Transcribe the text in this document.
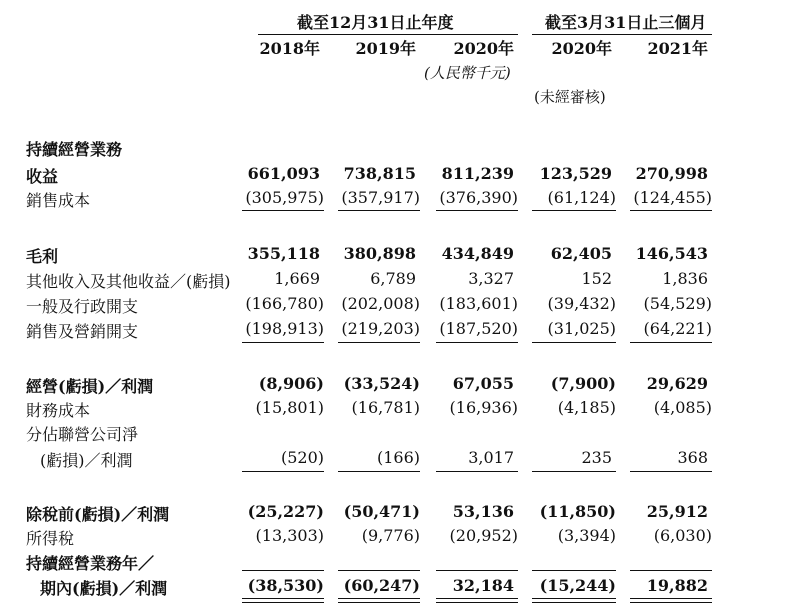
截至12月31日止年度	截至3月31日止三個月
2018年 2019年 2020年 2020年 2021年
(人民幣千元)
(未經審核)
持續經營業務
收益	661,093 738,815 811,239 123,529 270,998
銷售成本	(305,975) (357,917) (376,390) (61,124) (124,455)
毛利	355,118 380,898 434,849 62,405 146,543
其他收入及其他收益／(虧損)	1,669	6,789	3,327	152	1,836
一般及行政開支	(166,780) (202,008) (183,601) (39,432) (54,529)
銷售及營銷開支	(198,913) (219,203) (187,520) (31,025) (64,221)
經營(虧損)／利潤	(8,906) (33,524) 67,055 (7,900) 29,629
財務成本	(15,801) (16,781) (16,936) (4,185) (4,085)
分佔聯營公司淨
(虧損)／利潤	(520)	(166)	3,017	235	368
除稅前(虧損)／利潤	(25,227) (50,471) 53,136 (11,850) 25,912
所得稅	(13,303) (9,776) (20,952) (3,394) (6,030)
持續經營業務年／
期內(虧損)／利潤	(38,530) (60,247) 32,184 (15,244) 19,882
